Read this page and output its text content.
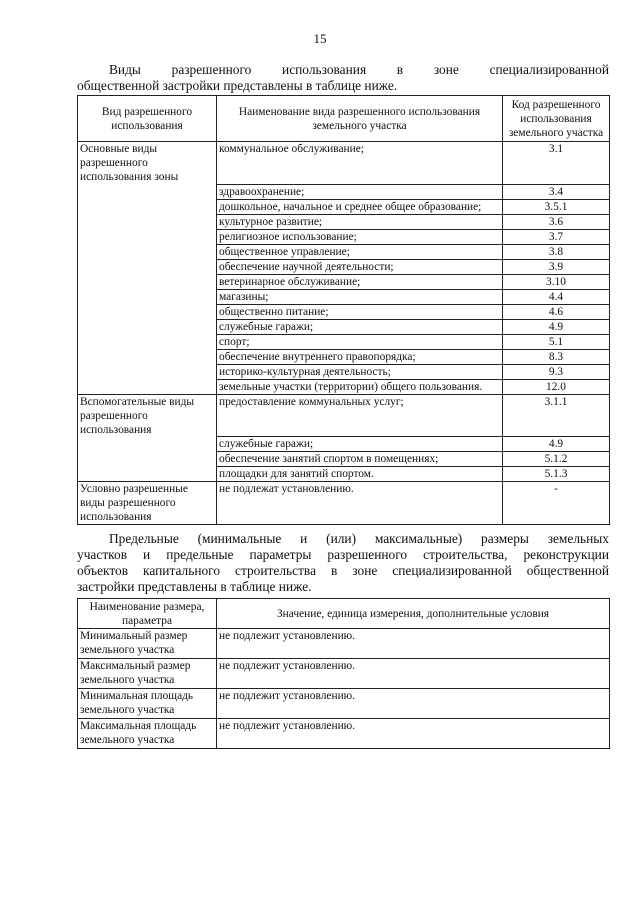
15
Виды разрешенного использования в зоне специализированной
общественной застройки представлены в таблице ниже.
Вид разрешенного использования	Наименование вида разрешенного использования земельного участка	Код разрешенного использования земельного участка
Основные виды разрешенного использования зоны	коммунальное обслуживание;	3.1
	здравоохранение;	3.4
	дошкольное, начальное и среднее общее образование;	3.5.1
	культурное развитие;	3.6
	религиозное использование;	3.7
	общественное управление;	3.8
	обеспечение научной деятельности;	3.9
	ветеринарное обслуживание;	3.10
	магазины;	4.4
	общественно питание;	4.6
	служебные гаражи;	4.9
	спорт;	5.1
	обеспечение внутреннего правопорядка;	8.3
	историко-культурная деятельность;	9.3
	земельные участки (территории) общего пользования.	12.0
Вспомогательные виды разрешенного использования	предоставление коммунальных услуг;	3.1.1
	служебные гаражи;	4.9
	обеспечение занятий спортом в помещениях;	5.1.2
	площадки для занятий спортом.	5.1.3
Условно разрешенные виды разрешенного использования	не подлежат установлению.	-
Предельные (минимальные и (или) максимальные) размеры земельных
участков и предельные параметры разрешенного строительства, реконструкции
объектов капитального строительства в зоне специализированной общественной
застройки представлены в таблице ниже.
Наименование размера, параметра	Значение, единица измерения, дополнительные условия
Минимальный размер земельного участка	не подлежит установлению.
Максимальный размер земельного участка	не подлежит установлению.
Минимальная площадь земельного участка	не подлежит установлению.
Максимальная площадь земельного участка	не подлежит установлению.
